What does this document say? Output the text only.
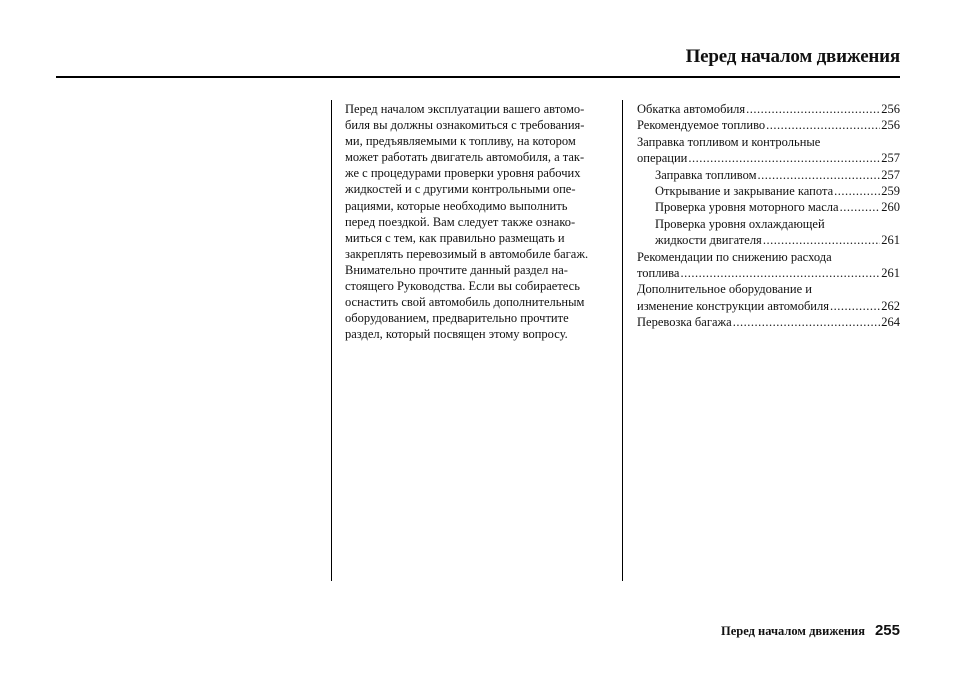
Перед началом движения
Перед началом эксплуатации вашего автомо-
биля вы должны ознакомиться с требования-
ми, предъявляемыми к топливу, на котором
может работать двигатель автомобиля, а так-
же с процедурами проверки уровня рабочих
жидкостей и с другими контрольными опе-
рациями, которые необходимо выполнить
перед поездкой. Вам следует также ознако-
миться с тем, как правильно размещать и
закреплять перевозимый в автомобиле багаж.
Внимательно прочтите данный раздел на-
стоящего Руководства. Если вы собираетесь
оснастить свой автомобиль дополнительным
оборудованием, предварительно прочтите
раздел, который посвящен этому вопросу.
Обкатка автомобиля .....	256
Рекомендуемое топливо .....	256
Заправка топливом и контрольные
операции .....	257
Заправка топливом .....	257
Открывание и закрывание капота .....	259
Проверка уровня моторного масла .....	260
Проверка уровня охлаждающей
жидкости двигателя .....	261
Рекомендации по снижению расхода
топлива .....	261
Дополнительное оборудование и
изменение конструкции автомобиля .....	262
Перевозка багажа .....	264
Перед началом движения 255
